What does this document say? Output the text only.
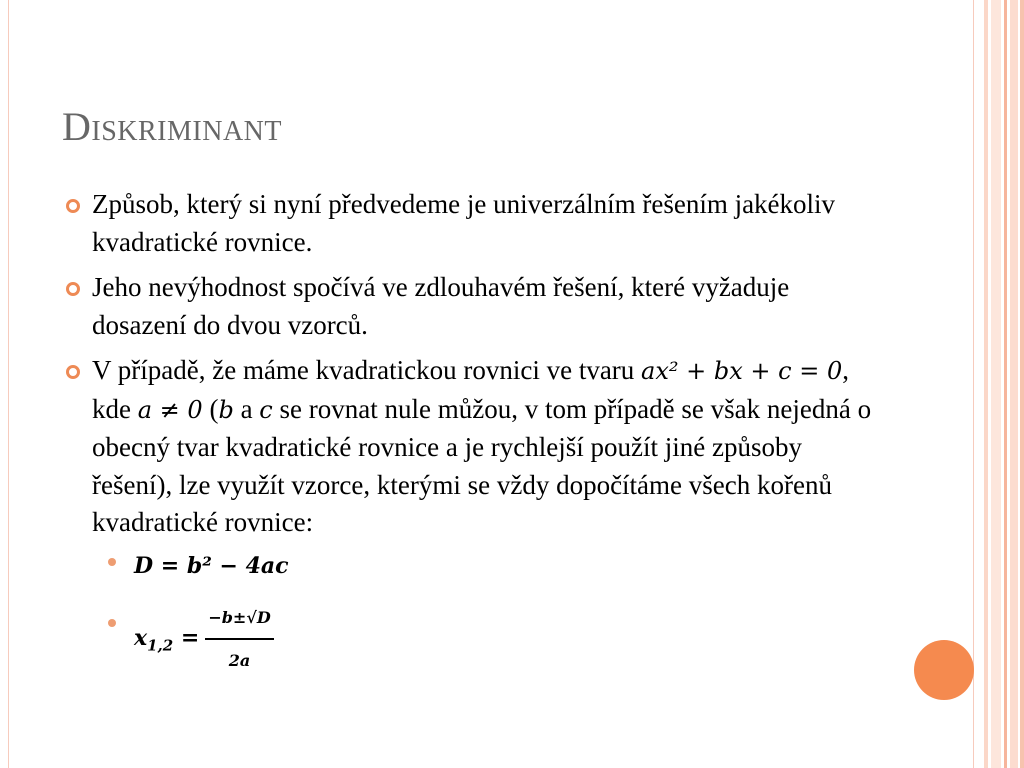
Diskriminant
Způsob, který si nyní předvedeme je univerzálním řešením jakékoliv kvadratické rovnice.
Jeho nevýhodnost spočívá ve zdlouhavém řešení, které vyžaduje dosazení do dvou vzorců.
V případě, že máme kvadratickou rovnici ve tvaru ax² + bx + c = 0, kde a ≠ 0 (b a c se rovnat nule můžou, v tom případě se však nejedná o obecný tvar kvadratické rovnice a je rychlejší použít jiné způsoby řešení), lze využít vzorce, kterými se vždy dopočítáme všech kořenů kvadratické rovnice:
D = b² − 4ac
$x_{1,2} = \frac{-b\pm√D}{2a}$
